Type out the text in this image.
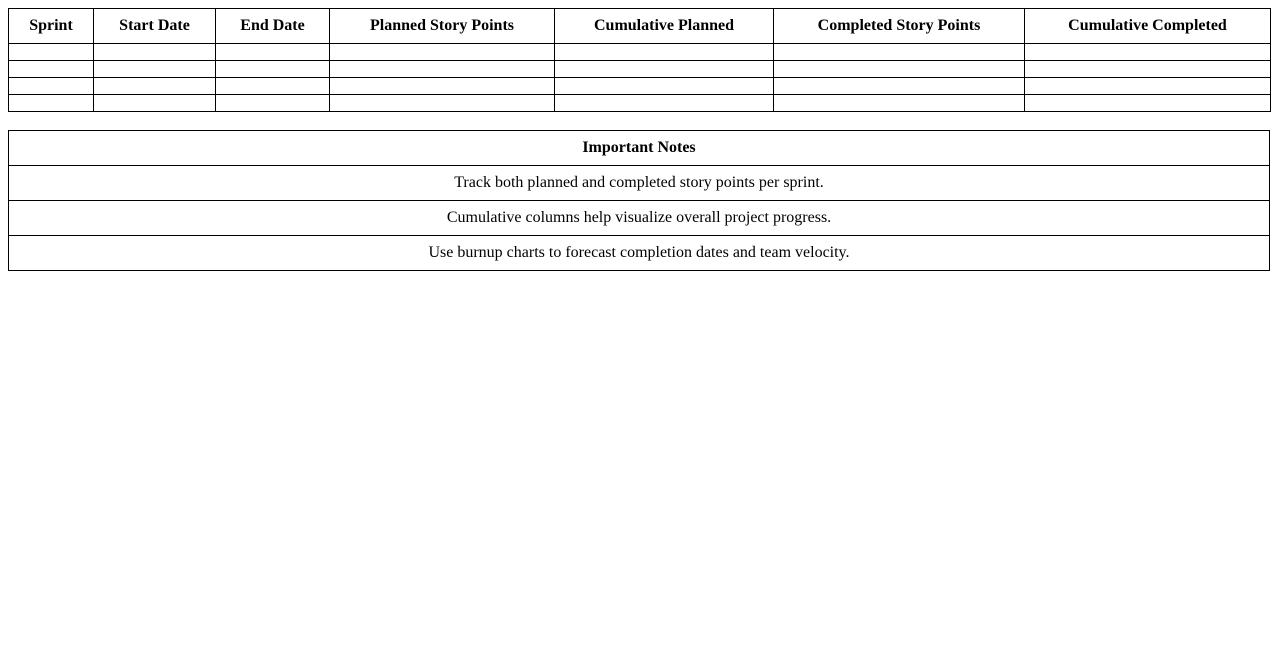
Sprint	Start Date	End Date	Planned Story Points	Cumulative Planned	Completed Story Points	Cumulative Completed

Important Notes
Track both planned and completed story points per sprint.
Cumulative columns help visualize overall project progress.
Use burnup charts to forecast completion dates and team velocity.
